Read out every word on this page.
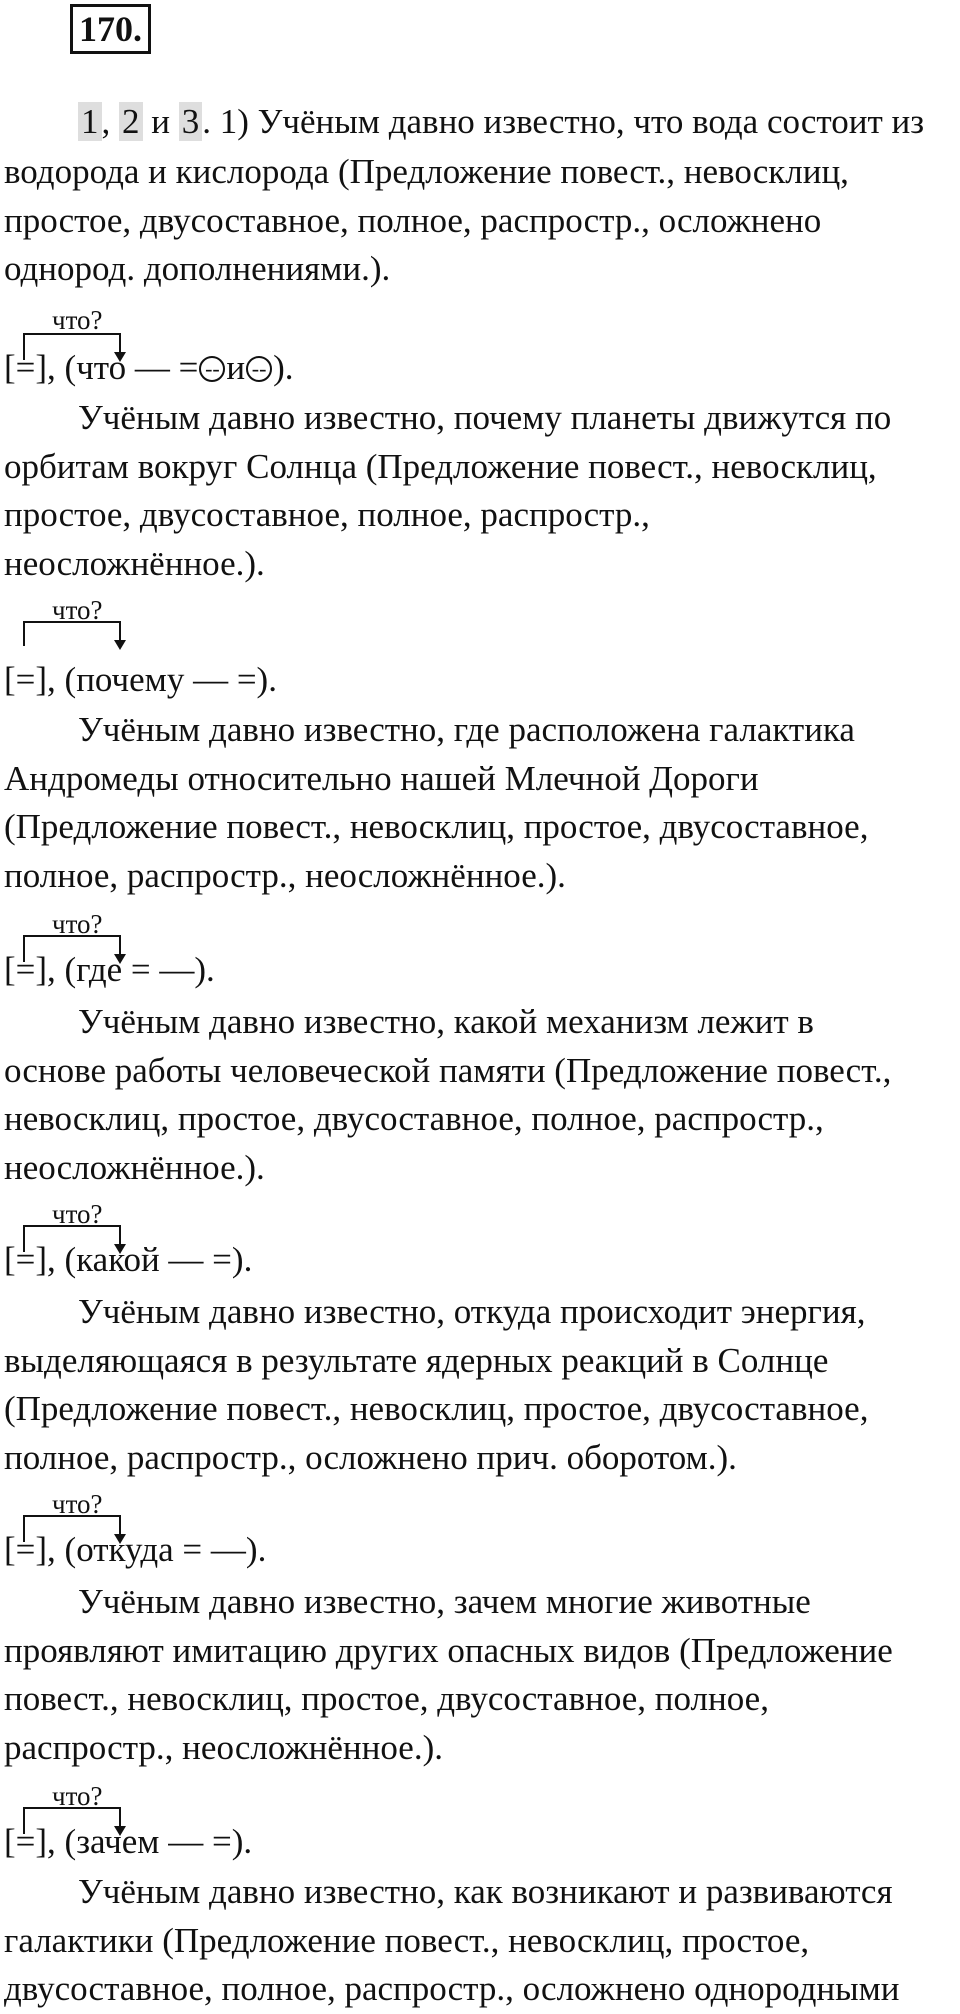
170.
1, 2 и 3. 1) Учёным давно известно, что вода состоит из
водорода и кислорода (Предложение повест., невосклиц,
простое, двусоставное, полное, распростр., осложнено
однород. дополнениями.).
что?
[=], (что — = -- и -- ).
Учёным давно известно, почему планеты движутся по
орбитам вокруг Солнца (Предложение повест., невосклиц,
простое, двусоставное, полное, распростр.,
неосложнённое.).
что?
[=], (почему — =).
Учёным давно известно, где расположена галактика
Андромеды относительно нашей Млечной Дороги
(Предложение повест., невосклиц, простое, двусоставное,
полное, распростр., неосложнённое.).
что?
[=], (где = —).
Учёным давно известно, какой механизм лежит в
основе работы человеческой памяти (Предложение повест.,
невосклиц, простое, двусоставное, полное, распростр.,
неосложнённое.).
что?
[=], (какой — =).
Учёным давно известно, откуда происходит энергия,
выделяющаяся в результате ядерных реакций в Солнце
(Предложение повест., невосклиц, простое, двусоставное,
полное, распростр., осложнено прич. оборотом.).
что?
[=], (откуда = —).
Учёным давно известно, зачем многие животные
проявляют имитацию других опасных видов (Предложение
повест., невосклиц, простое, двусоставное, полное,
распростр., неосложнённое.).
что?
[=], (зачем — =).
Учёным давно известно, как возникают и развиваются
галактики (Предложение повест., невосклиц, простое,
двусоставное, полное, распростр., осложнено однородными
